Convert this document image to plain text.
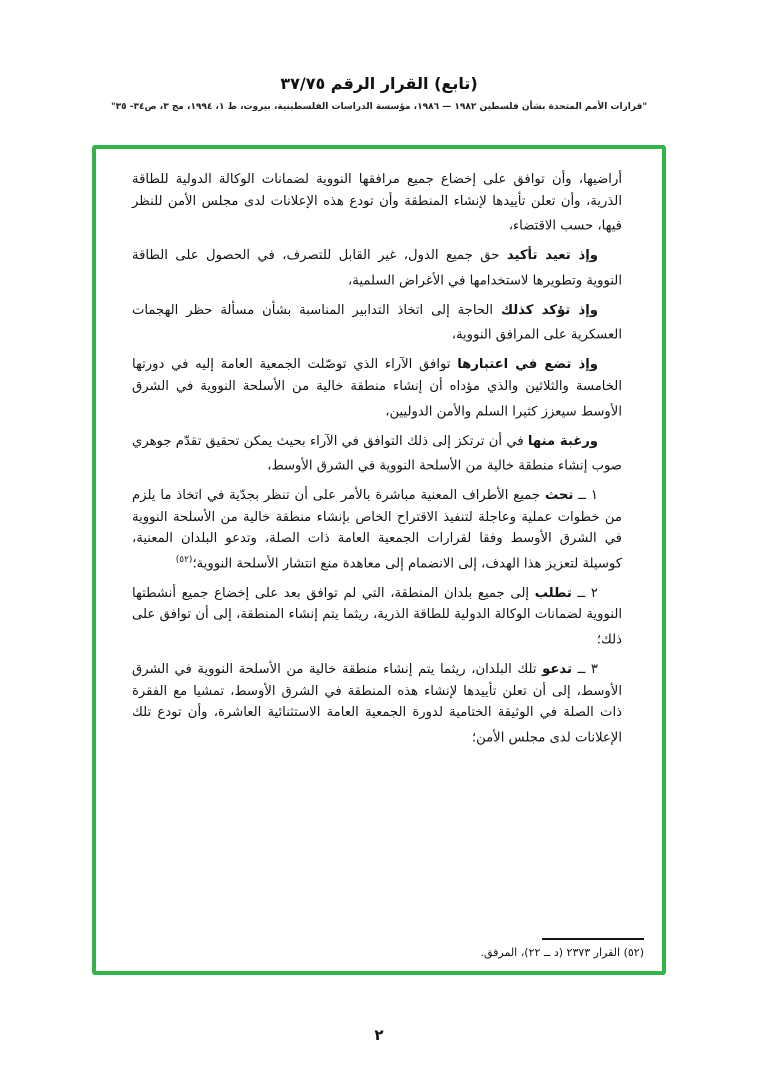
(تابع) القرار الرقم ٣٧/٧٥
"قرارات الأمم المتحدة بشأن فلسطين ١٩٨٢ — ١٩٨٦، مؤسسة الدراسات الفلسطينية، بيروت، ط ١، ١٩٩٤، مج ٣، ص٣٤- ٣٥"

أراضيها، وأن توافق على إخضاع جميع مرافقها النووية لضمانات الوكالة الدولية للطاقة الذرية، وأن تعلن تأييدها لإنشاء المنطقة وأن تودع هذه الإعلانات لدى مجلس الأمن للنظر فيها، حسب الاقتضاء،

وإذ تعيد تأكيد حق جميع الدول، غير القابل للتصرف، في الحصول على الطاقة النووية وتطويرها لاستخدامها في الأغراض السلمية،

وإذ تؤكد كذلك الحاجة إلى اتخاذ التدابير المناسبة بشأن مسألة حظر الهجمات العسكرية على المرافق النووية،

وإذ تضع في اعتبارها توافق الآراء الذي توصّلت الجمعية العامة إليه في دورتها الخامسة والثلاثين والذي مؤداه أن إنشاء منطقة خالية من الأسلحة النووية في الشرق الأوسط سيعزز كثيرا السلم والأمن الدوليين،

ورغبة منها في أن ترتكز إلى ذلك التوافق في الآراء بحيث يمكن تحقيق تقدّم جوهري صوب إنشاء منطقة خالية من الأسلحة النووية في الشرق الأوسط،

١ ــ تحث جميع الأطراف المعنية مباشرة بالأمر على أن تنظر بجدّية في اتخاذ ما يلزم من خطوات عملية وعاجلة لتنفيذ الاقتراح الخاص بإنشاء منطقة خالية من الأسلحة النووية في الشرق الأوسط وفقا لقرارات الجمعية العامة ذات الصلة، وتدعو البلدان المعنية، كوسيلة لتعزيز هذا الهدف، إلى الانضمام إلى معاهدة منع انتشار الأسلحة النووية؛$^{(٥٢)}$

٢ ــ تطلب إلى جميع بلدان المنطقة، التي لم توافق بعد على إخضاع جميع أنشطتها النووية لضمانات الوكالة الدولية للطاقة الذرية، ريثما يتم إنشاء المنطقة، إلى أن توافق على ذلك؛

٣ ــ تدعو تلك البلدان، ريثما يتم إنشاء منطقة خالية من الأسلحة النووية في الشرق الأوسط، إلى أن تعلن تأييدها لإنشاء هذه المنطقة في الشرق الأوسط، تمشيا مع الفقرة ذات الصلة في الوثيقة الختامية لدورة الجمعية العامة الاستثنائية العاشرة، وأن تودع تلك الإعلانات لدى مجلس الأمن؛

(٥٢) القرار ٢٣٧٣ (د ــ ٢٢)، المرفق.
٢
